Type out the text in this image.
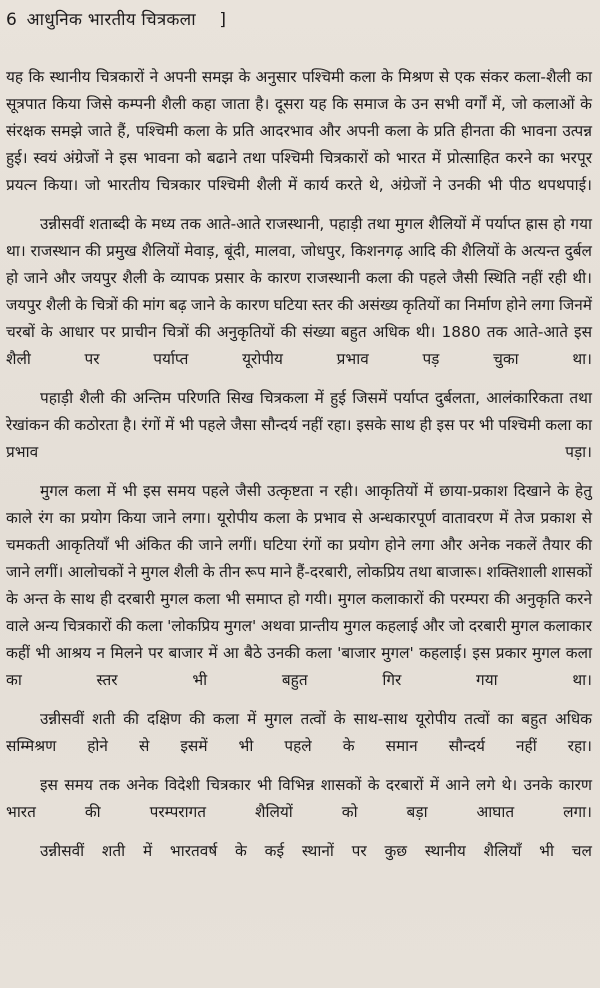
6 आधुनिक भारतीय चित्रकला ]

यह कि स्थानीय चित्रकारों ने अपनी समझ के अनुसार पश्चिमी कला के मिश्रण से एक संकर कला-शैली का सूत्रपात किया जिसे कम्पनी शैली कहा जाता है। दूसरा यह कि समाज के उन सभी वर्गों में, जो कलाओं के संरक्षक समझे जाते हैं, पश्चिमी कला के प्रति आदरभाव और अपनी कला के प्रति हीनता की भावना उत्पन्न हुई। स्वयं अंग्रेजों ने इस भावना को बढाने तथा पश्चिमी चित्रकारों को भारत में प्रोत्साहित करने का भरपूर प्रयत्न किया। जो भारतीय चित्रकार पश्चिमी शैली में कार्य करते थे, अंग्रेजों ने उनकी भी पीठ थपथपाई।

उन्नीसवीं शताब्दी के मध्य तक आते-आते राजस्थानी, पहाड़ी तथा मुगल शैलियों में पर्याप्त ह्रास हो गया था। राजस्थान की प्रमुख शैलियों मेवाड़, बूंदी, मालवा, जोधपुर, किशनगढ़ आदि की शैलियों के अत्यन्त दुर्बल हो जाने और जयपुर शैली के व्यापक प्रसार के कारण राजस्थानी कला की पहले जैसी स्थिति नहीं रही थी। जयपुर शैली के चित्रों की मांग बढ़ जाने के कारण घटिया स्तर की असंख्य कृतियों का निर्माण होने लगा जिनमें चरबों के आधार पर प्राचीन चित्रों की अनुकृतियों की संख्या बहुत अधिक थी। 1880 तक आते-आते इस शैली पर पर्याप्त यूरोपीय प्रभाव पड़ चुका था।

पहाड़ी शैली की अन्तिम परिणति सिख चित्रकला में हुई जिसमें पर्याप्त दुर्बलता, आलंकारिकता तथा रेखांकन की कठोरता है। रंगों में भी पहले जैसा सौन्दर्य नहीं रहा। इसके साथ ही इस पर भी पश्चिमी कला का प्रभाव पड़ा।

मुगल कला में भी इस समय पहले जैसी उत्कृष्टता न रही। आकृतियों में छाया-प्रकाश दिखाने के हेतु काले रंग का प्रयोग किया जाने लगा। यूरोपीय कला के प्रभाव से अन्धकारपूर्ण वातावरण में तेज प्रकाश से चमकती आकृतियाँ भी अंकित की जाने लगीं। घटिया रंगों का प्रयोग होने लगा और अनेक नकलें तैयार की जाने लगीं। आलोचकों ने मुगल शैली के तीन रूप माने हैं-दरबारी, लोकप्रिय तथा बाजारू। शक्तिशाली शासकों के अन्त के साथ ही दरबारी मुगल कला भी समाप्त हो गयी। मुगल कलाकारों की परम्परा की अनुकृति करने वाले अन्य चित्रकारों की कला 'लोकप्रिय मुगल' अथवा प्रान्तीय मुगल कहलाई और जो दरबारी मुगल कलाकार कहीं भी आश्रय न मिलने पर बाजार में आ बैठे उनकी कला 'बाजार मुगल' कहलाई। इस प्रकार मुगल कला का स्तर भी बहुत गिर गया था।

उन्नीसवीं शती की दक्षिण की कला में मुगल तत्वों के साथ-साथ यूरोपीय तत्वों का बहुत अधिक सम्मिश्रण होने से इसमें भी पहले के समान सौन्दर्य नहीं रहा।

इस समय तक अनेक विदेशी चित्रकार भी विभिन्न शासकों के दरबारों में आने लगे थे। उनके कारण भारत की परम्परागत शैलियों को बड़ा आघात लगा।

उन्नीसवीं शती में भारतवर्ष के कई स्थानों पर कुछ स्थानीय शैलियाँ भी चल
